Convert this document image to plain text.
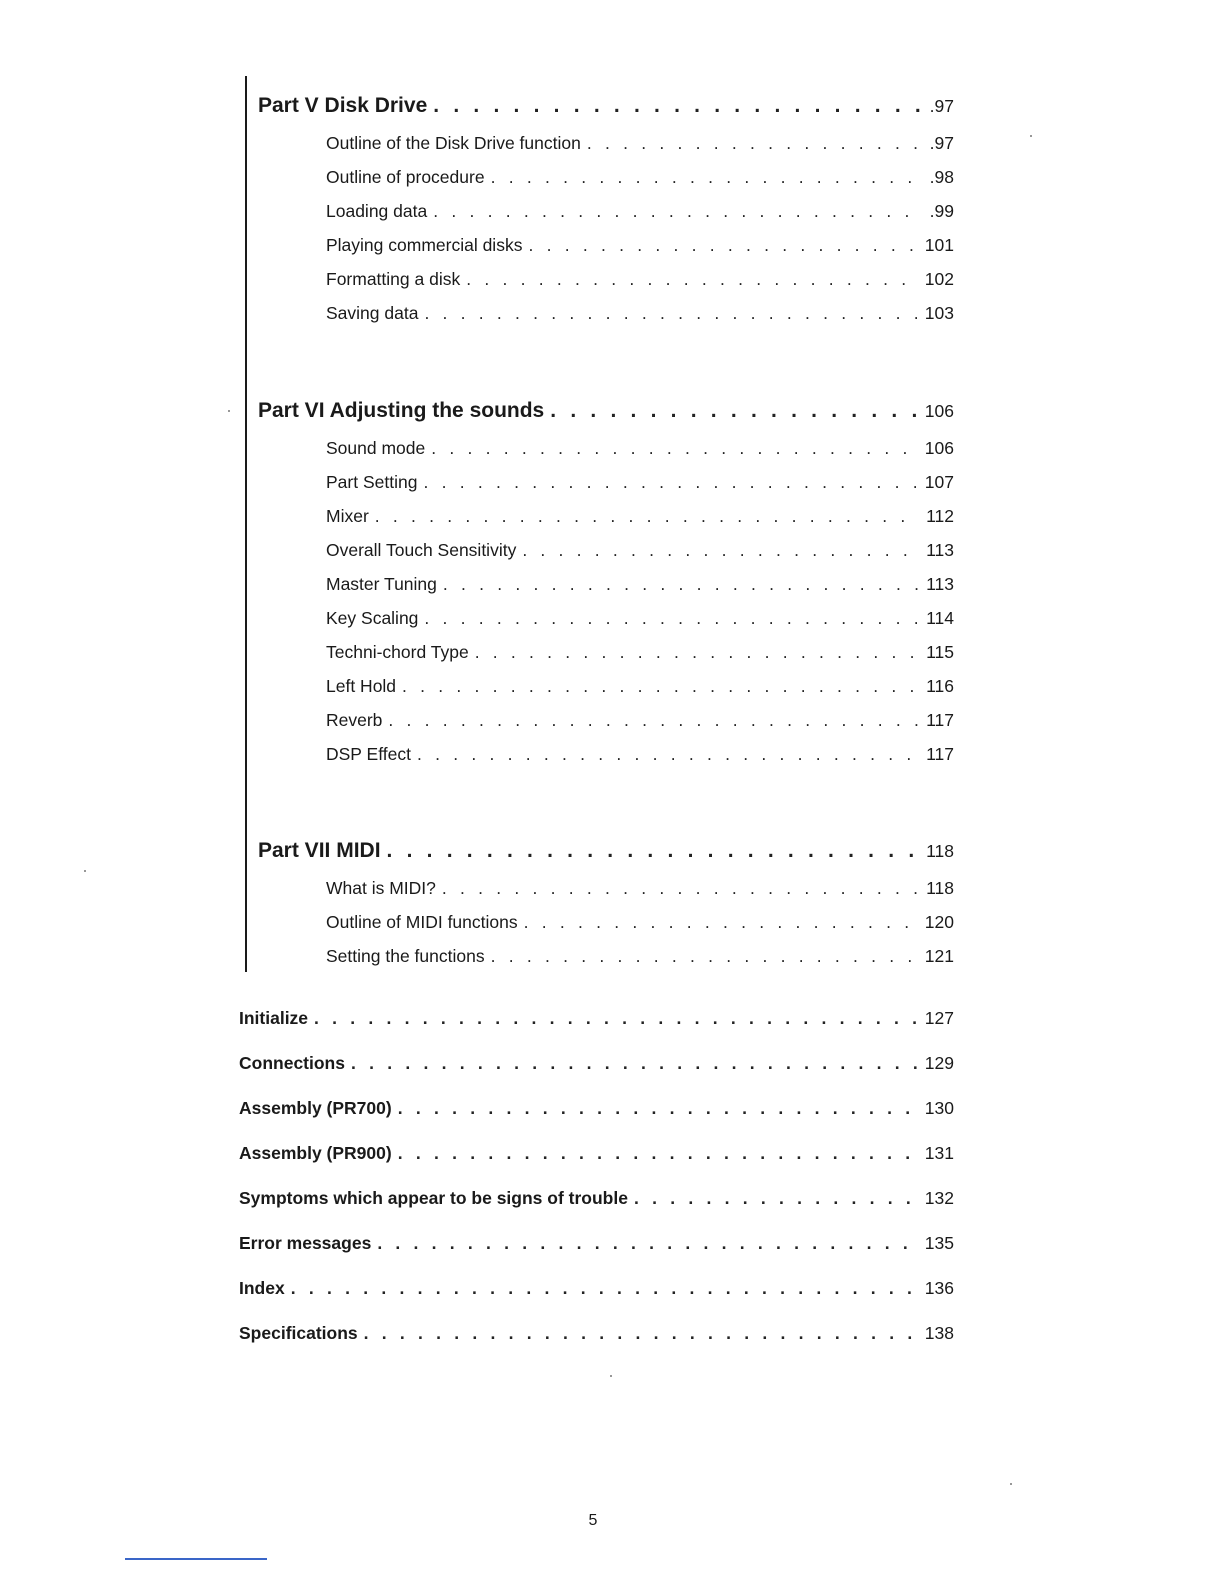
Part V Disk Drive . . .	.97
Outline of the Disk Drive function . . .	.97
Outline of procedure . . .	.98
Loading data . . .	.99
Playing commercial disks . . .	101
Formatting a disk . . .	102
Saving data . . .	103
Part VI Adjusting the sounds . . .	106
Sound mode . . .	106
Part Setting . . .	107
Mixer . . .	112
Overall Touch Sensitivity . . .	113
Master Tuning . . .	113
Key Scaling . . .	114
Techni-chord Type . . .	115
Left Hold . . .	116
Reverb . . .	117
DSP Effect . . .	117
Part VII MIDI . . .	118
What is MIDI? . . .	118
Outline of MIDI functions . . .	120
Setting the functions . . .	121
Initialize . . .	127
Connections . . .	129
Assembly (PR700) . . .	130
Assembly (PR900) . . .	131
Symptoms which appear to be signs of trouble . . .	132
Error messages . . .	135
Index . . .	136
Specifications . . .	138
5
